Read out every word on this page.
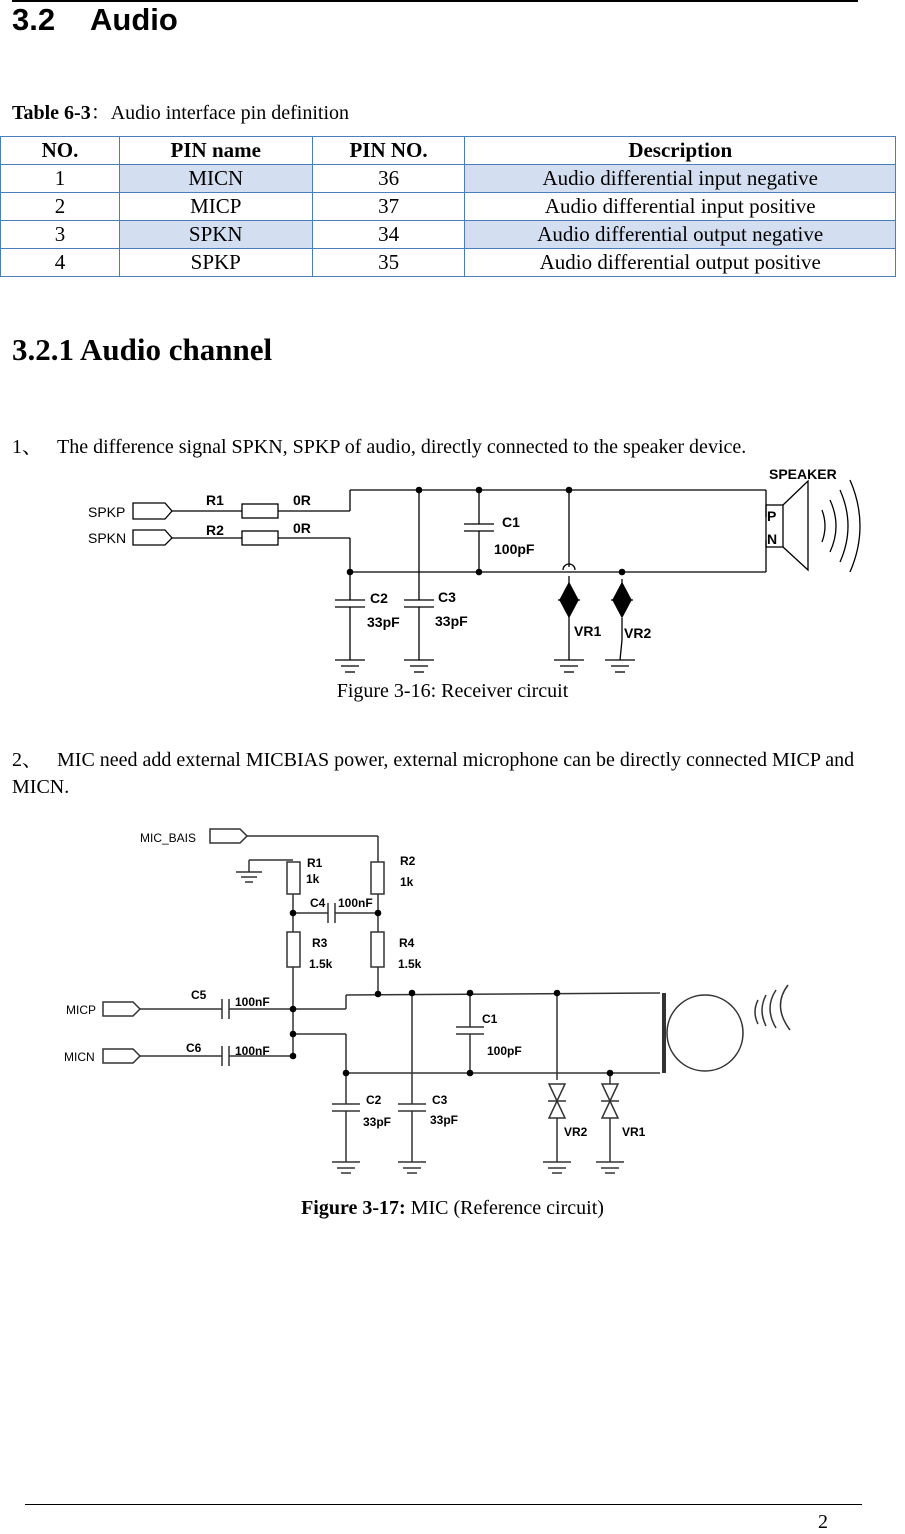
3.2 Audio
Table 6-3：Audio interface pin definition
NO.	PIN name	PIN NO.	Description
1	MICN	36	Audio differential input negative
2	MICP	37	Audio differential input positive
3	SPKN	34	Audio differential output negative
4	SPKP	35	Audio differential output positive
3.2.1 Audio channel
1、 The difference signal SPKN, SPKP of audio, directly connected to the speaker device.
SPKP
SPKN
R1
R2
0R
0R	C1
100pF
C2
33pF
C3
33pF
VR1 VR2
SPEAKER
P
N
Figure 3-16: Receiver circuit
2、 MIC need add external MICBIAS power, external microphone can be directly connected MICP and MICN.
MIC_BAIS
MICP
MICN
R1
1k
R2
1k
C4 100nF
R3
1.5k
R4
1.5k
C5 100nF
C6	100nF
C1
100pF
C2
33pF
C3
33pF
VR2	VR1
Figure 3-17: MIC (Reference circuit)
2
